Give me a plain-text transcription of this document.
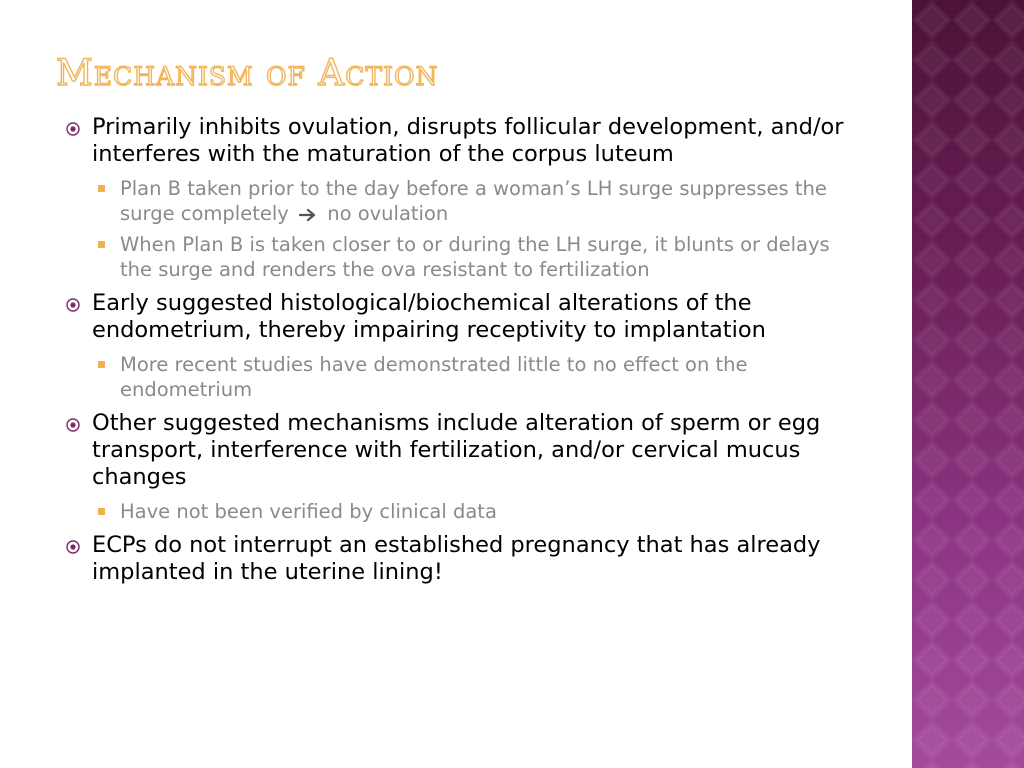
Mechanism of Action
Primarily inhibits ovulation, disrupts follicular development, and/or interferes with the maturation of the corpus luteum
Plan B taken prior to the day before a woman’s LH surge suppresses the surge completely no ovulation
When Plan B is taken closer to or during the LH surge, it blunts or delays the surge and renders the ova resistant to fertilization
Early suggested histological/biochemical alterations of the endometrium, thereby impairing receptivity to implantation
More recent studies have demonstrated little to no effect on the endometrium
Other suggested mechanisms include alteration of sperm or egg transport, interference with fertilization, and/or cervical mucus changes
Have not been verified by clinical data
ECPs do not interrupt an established pregnancy that has already implanted in the uterine lining!
